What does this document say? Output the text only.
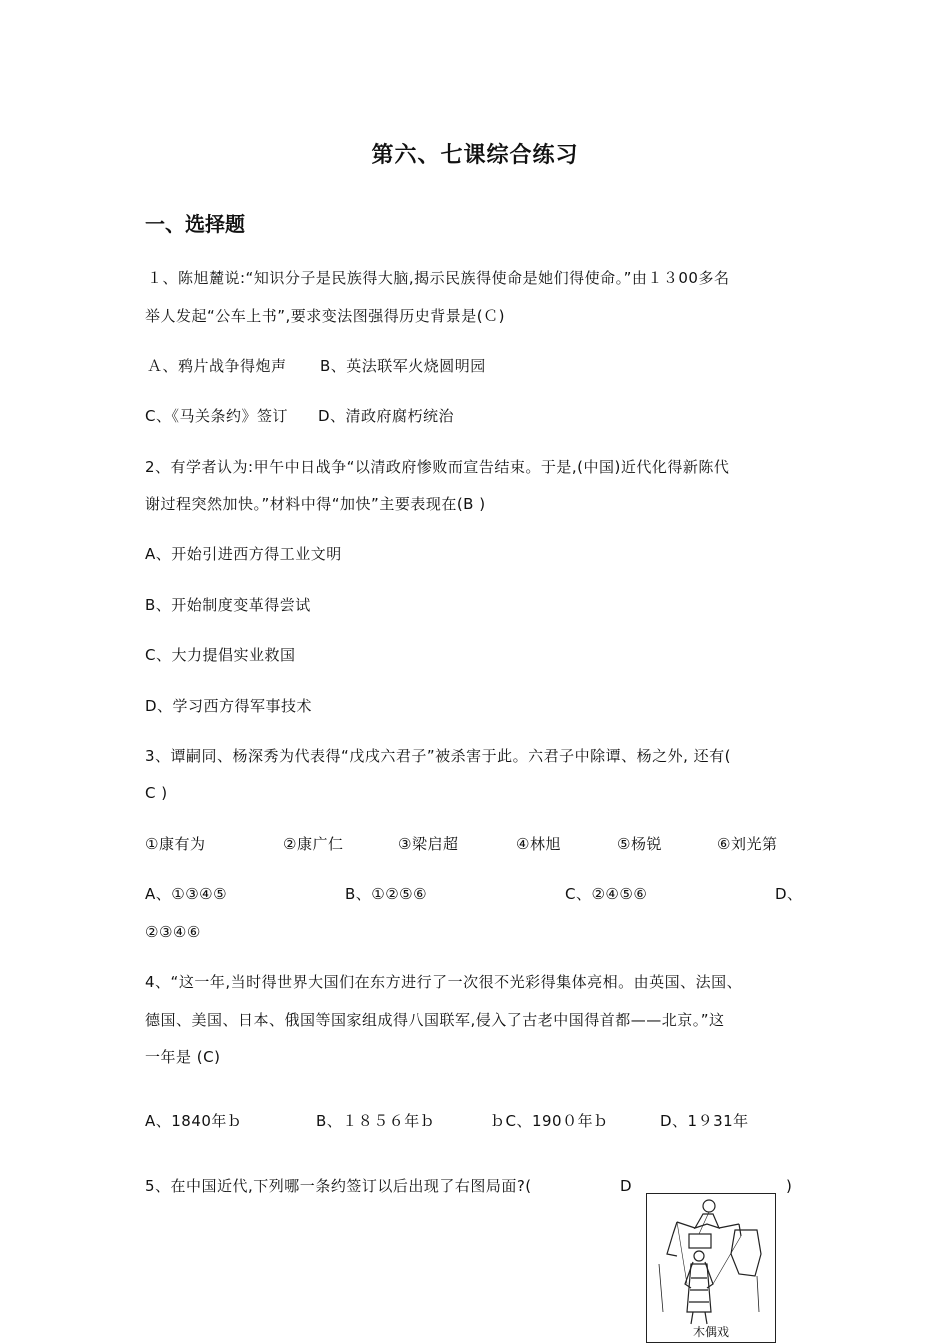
第六、七课综合练习
一、选择题
１、陈旭麓说:“知识分子是民族得大脑,揭示民族得使命是她们得使命。”由１３00多名
举人发起“公车上书”,要求变法图强得历史背景是(Ｃ)
Ａ、鸦片战争得炮声 B、英法联军火烧圆明园
C、《马关条约》签订 D、清政府腐朽统治
2、有学者认为:甲午中日战争“以清政府惨败而宣告结束。于是,(中国)近代化得新陈代
谢过程突然加快。”材料中得“加快”主要表现在(B )
A、开始引进西方得工业文明
B、开始制度变革得尝试
C、大力提倡实业救国
D、学习西方得军事技术
3、谭嗣同、杨深秀为代表得“戊戌六君子”被杀害于此。六君子中除谭、杨之外, 还有(
C )
①康有为	②康广仁	③梁启超	④林旭	⑤杨锐	⑥刘光第
A、①③④⑤	B、①②⑤⑥	C、②④⑤⑥	D、
②③④⑥
4、“这一年,当时得世界大国们在东方进行了一次很不光彩得集体亮相。由英国、法国、
德国、美国、日本、俄国等国家组成得八国联军,侵入了古老中国得首都——北京。”这
一年是 (C)
A、1840年ｂ	B、１８５６年ｂ	ｂC、190０年ｂ	D、1９31年
5、在中国近代,下列哪一条约签订以后出现了右图局面?(	D	)
木偶戏
